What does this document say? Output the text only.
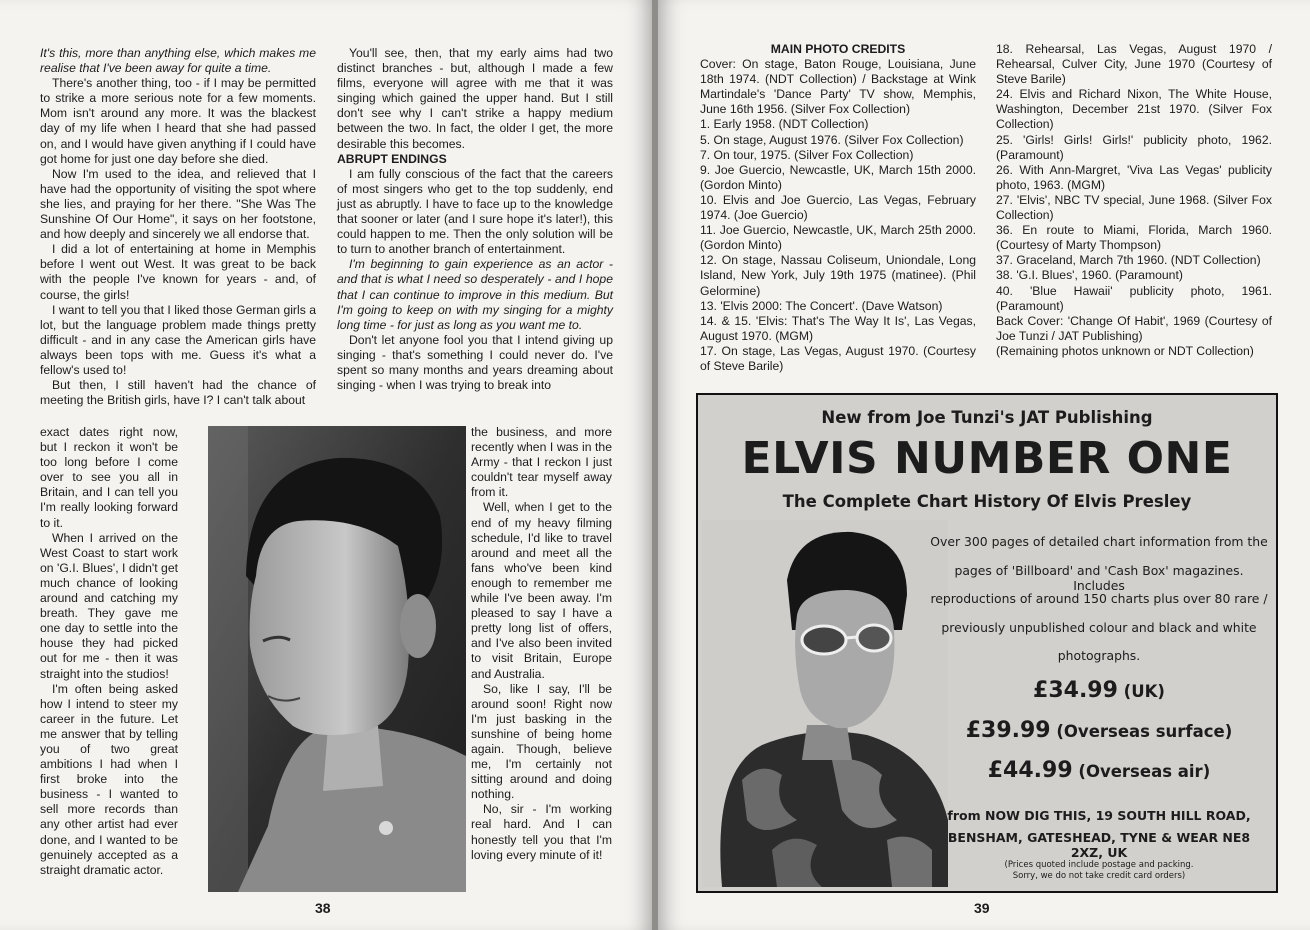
It's this, more than anything else, which makes me realise that I've been away for quite a time.

There's another thing, too - if I may be permitted to strike a more serious note for a few moments. Mom isn't around any more. It was the blackest day of my life when I heard that she had passed on, and I would have given anything if I could have got home for just one day before she died.

Now I'm used to the idea, and relieved that I have had the opportunity of visiting the spot where she lies, and praying for her there. "She Was The Sunshine Of Our Home", it says on her footstone, and how deeply and sincerely we all endorse that.

I did a lot of entertaining at home in Memphis before I went out West. It was great to be back with the people I've known for years - and, of course, the girls!

I want to tell you that I liked those German girls a lot, but the language problem made things pretty difficult - and in any case the American girls have always been tops with me. Guess it's what a fellow's used to!

But then, I still haven't had the chance of meeting the British girls, have I? I can't talk about

exact dates right now, but I reckon it won't be too long before I come over to see you all in Britain, and I can tell you I'm really looking forward to it.

When I arrived on the West Coast to start work on 'G.I. Blues', I didn't get much chance of looking around and catching my breath. They gave me one day to settle into the house they had picked out for me - then it was straight into the studios!

I'm often being asked how I intend to steer my career in the future. Let me answer that by telling you of two great ambitions I had when I first broke into the business - I wanted to sell more records than any other artist had ever done, and I wanted to be genuinely accepted as a straight dramatic actor.

You'll see, then, that my early aims had two distinct branches - but, although I made a few films, everyone will agree with me that it was singing which gained the upper hand. But I still don't see why I can't strike a happy medium between the two. In fact, the older I get, the more desirable this becomes.

ABRUPT ENDINGS

I am fully conscious of the fact that the careers of most singers who get to the top suddenly, end just as abruptly. I have to face up to the knowledge that sooner or later (and I sure hope it's later!), this could happen to me. Then the only solution will be to turn to another branch of entertainment.

I'm beginning to gain experience as an actor - and that is what I need so desperately - and I hope that I can continue to improve in this medium. But I'm going to keep on with my singing for a mighty long time - for just as long as you want me to.

Don't let anyone fool you that I intend giving up singing - that's something I could never do. I've spent so many months and years dreaming about singing - when I was trying to break into

the business, and more recently when I was in the Army - that I reckon I just couldn't tear myself away from it.

Well, when I get to the end of my heavy filming schedule, I'd like to travel around and meet all the fans who've been kind enough to remember me while I've been away. I'm pleased to say I have a pretty long list of offers, and I've also been invited to visit Britain, Europe and Australia.

So, like I say, I'll be around soon! Right now I'm just basking in the sunshine of being home again. Though, believe me, I'm certainly not sitting around and doing nothing.

No, sir - I'm working real hard. And I can honestly tell you that I'm loving every minute of it!

38

MAIN PHOTO CREDITS

Cover: On stage, Baton Rouge, Louisiana, June 18th 1974. (NDT Collection) / Backstage at Wink Martindale's 'Dance Party' TV show, Memphis, June 16th 1956. (Silver Fox Collection)

1. Early 1958. (NDT Collection)

5. On stage, August 1976. (Silver Fox Collection)

7. On tour, 1975. (Silver Fox Collection)

9. Joe Guercio, Newcastle, UK, March 15th 2000. (Gordon Minto)

10. Elvis and Joe Guercio, Las Vegas, February 1974. (Joe Guercio)

11. Joe Guercio, Newcastle, UK, March 25th 2000. (Gordon Minto)

12. On stage, Nassau Coliseum, Uniondale, Long Island, New York, July 19th 1975 (matinee). (Phil Gelormine)

13. 'Elvis 2000: The Concert'. (Dave Watson)

14. & 15. 'Elvis: That's The Way It Is', Las Vegas, August 1970. (MGM)

17. On stage, Las Vegas, August 1970. (Courtesy of Steve Barile)

18. Rehearsal, Las Vegas, August 1970 / Rehearsal, Culver City, June 1970 (Courtesy of Steve Barile)

24. Elvis and Richard Nixon, The White House, Washington, December 21st 1970. (Silver Fox Collection)

25. 'Girls! Girls! Girls!' publicity photo, 1962. (Paramount)

26. With Ann-Margret, 'Viva Las Vegas' publicity photo, 1963. (MGM)

27. 'Elvis', NBC TV special, June 1968. (Silver Fox Collection)

36. En route to Miami, Florida, March 1960. (Courtesy of Marty Thompson)

37. Graceland, March 7th 1960. (NDT Collection)

38. 'G.I. Blues', 1960. (Paramount)

40. 'Blue Hawaii' publicity photo, 1961. (Paramount)

Back Cover: 'Change Of Habit', 1969 (Courtesy of Joe Tunzi / JAT Publishing)

(Remaining photos unknown or NDT Collection)

New from Joe Tunzi's JAT Publishing
ELVIS NUMBER ONE
The Complete Chart History Of Elvis Presley
Over 300 pages of detailed chart information from the
pages of 'Billboard' and 'Cash Box' magazines. Includes
reproductions of around 150 charts plus over 80 rare /
previously unpublished colour and black and white
photographs.
£34.99 (UK)
£39.99 (Overseas surface)
£44.99 (Overseas air)
from NOW DIG THIS, 19 SOUTH HILL ROAD,
BENSHAM, GATESHEAD, TYNE & WEAR NE8 2XZ, UK
(Prices quoted include postage and packing.
Sorry, we do not take credit card orders)
39
